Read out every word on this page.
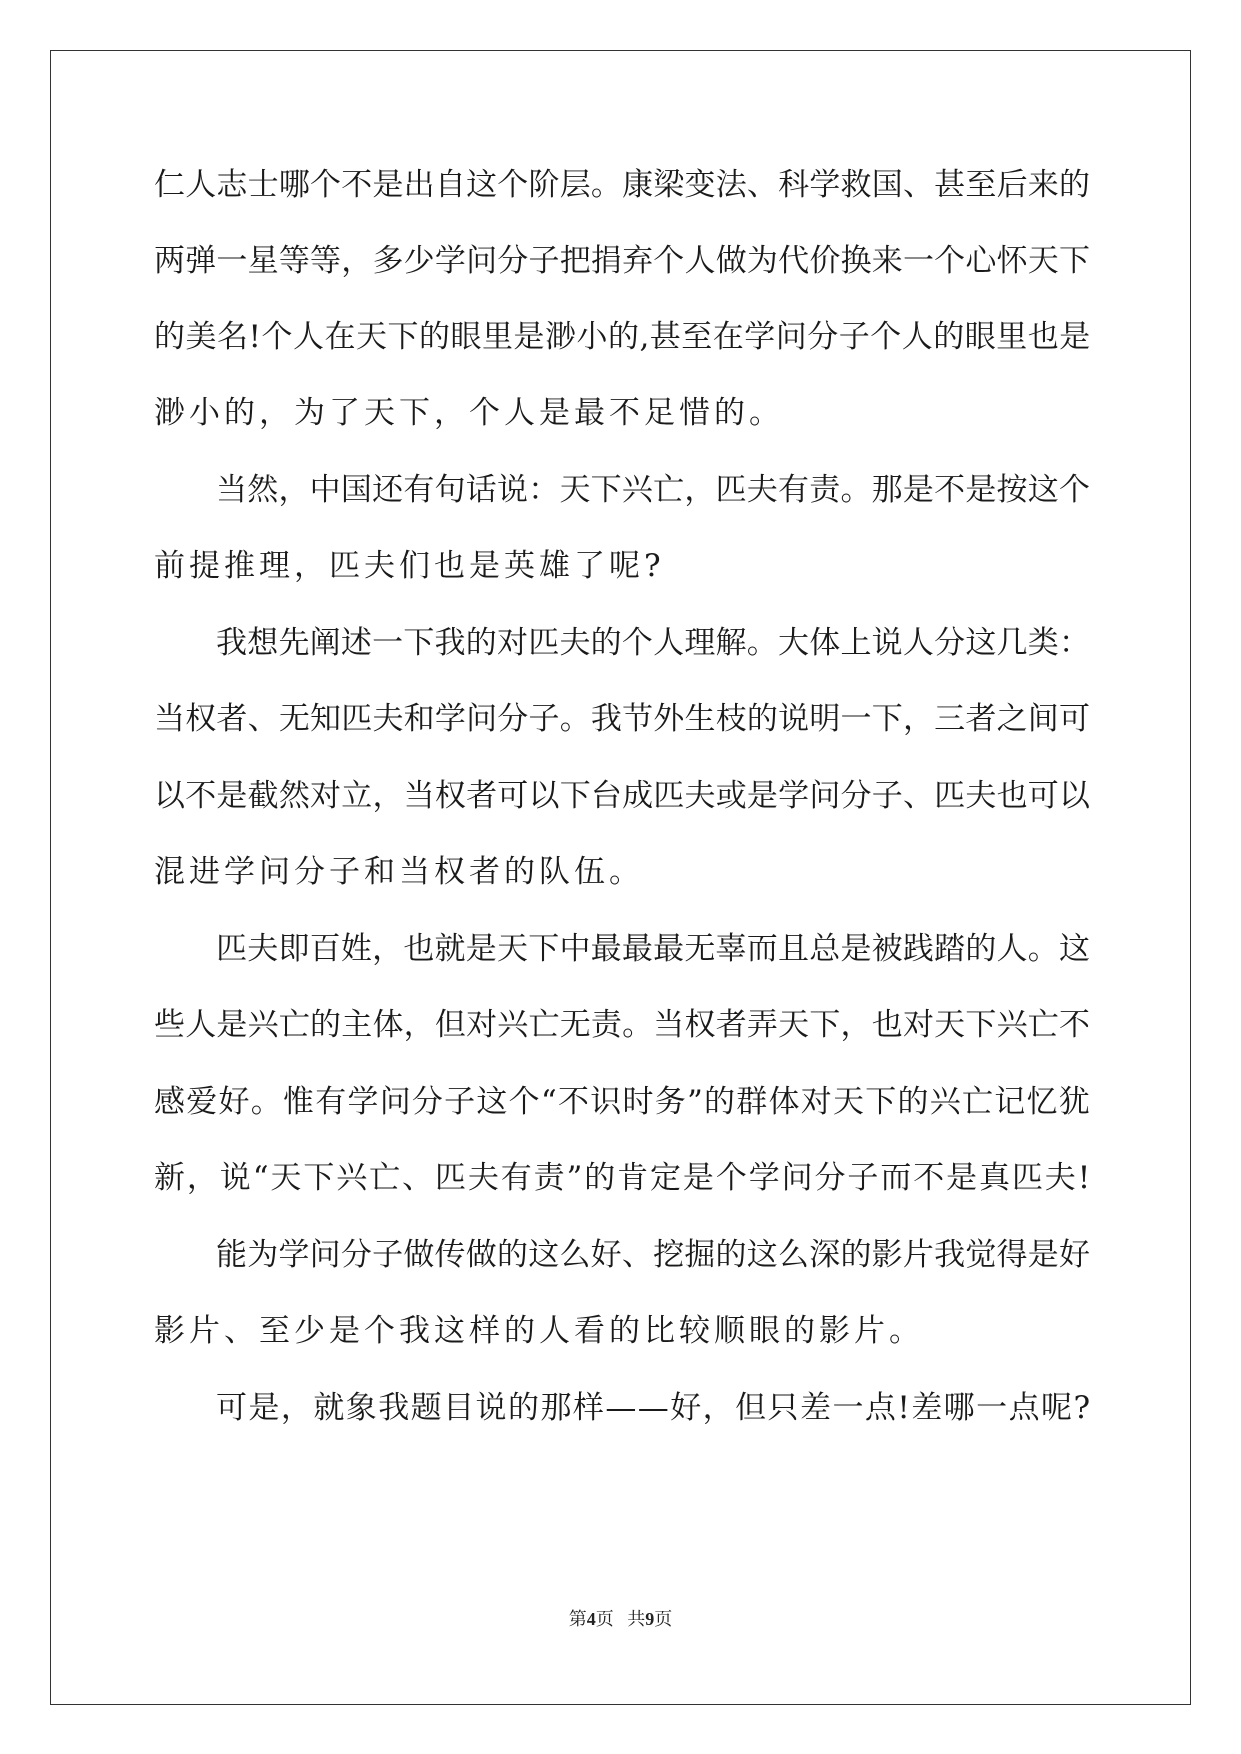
仁人志士哪个不是出自这个阶层。康梁变法、科学救国、甚至后来的
两弹一星等等，多少学问分子把捐弃个人做为代价换来一个心怀天下
的美名!个人在天下的眼里是渺小的,甚至在学问分子个人的眼里也是
渺小的，为了天下，个人是最不足惜的。
当然，中国还有句话说：天下兴亡，匹夫有责。那是不是按这个
前提推理，匹夫们也是英雄了呢?
我想先阐述一下我的对匹夫的个人理解。大体上说人分这几类：
当权者、无知匹夫和学问分子。我节外生枝的说明一下，三者之间可
以不是截然对立，当权者可以下台成匹夫或是学问分子、匹夫也可以
混进学问分子和当权者的队伍。
匹夫即百姓，也就是天下中最最最无辜而且总是被践踏的人。这
些人是兴亡的主体，但对兴亡无责。当权者弄天下，也对天下兴亡不
感爱好。惟有学问分子这个“不识时务”的群体对天下的兴亡记忆犹
新，说“天下兴亡、匹夫有责”的肯定是个学问分子而不是真匹夫!
能为学问分子做传做的这么好、挖掘的这么深的影片我觉得是好
影片、至少是个我这样的人看的比较顺眼的影片。
可是，就象我题目说的那样——好，但只差一点!差哪一点呢?
第4页 共9页
